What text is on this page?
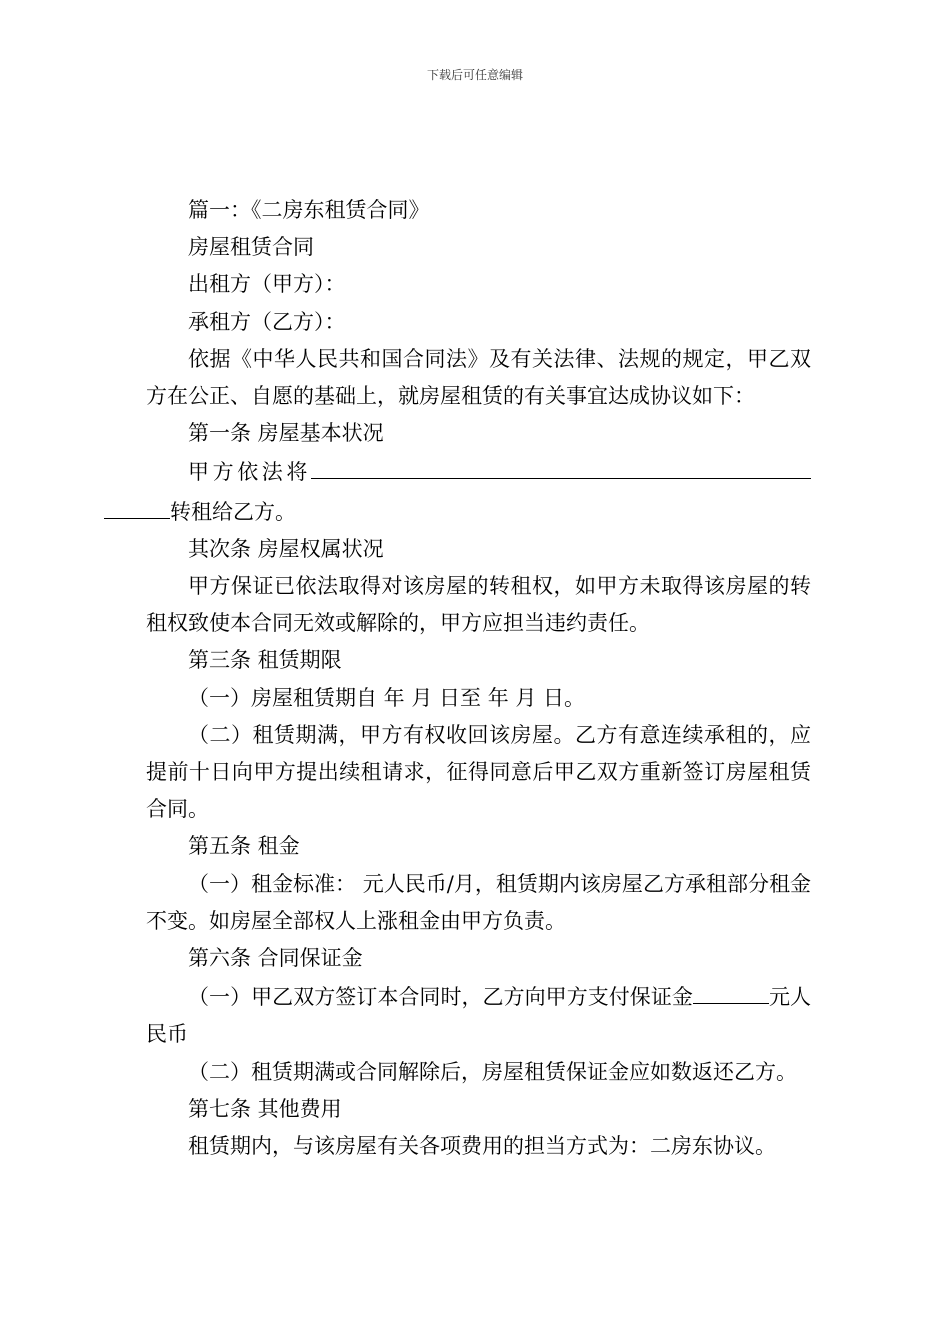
下载后可任意编辑

篇一：《二房东租赁合同》

房屋租赁合同

出租方（甲方）：

承租方（乙方）：

依据《中华人民共和国合同法》及有关法律、法规的规定，甲乙双方在公正、自愿的基础上，就房屋租赁的有关事宜达成协议如下：

第一条 房屋基本状况

甲方依法将转租给乙方。

其次条 房屋权属状况

甲方保证已依法取得对该房屋的转租权，如甲方未取得该房屋的转租权致使本合同无效或解除的，甲方应担当违约责任。

第三条 租赁期限

（一）房屋租赁期自 年 月 日至 年 月 日。

（二）租赁期满，甲方有权收回该房屋。乙方有意连续承租的，应提前十日向甲方提出续租请求，征得同意后甲乙双方重新签订房屋租赁合同。

第五条 租金

（一）租金标准： 元人民币/月，租赁期内该房屋乙方承租部分租金不变。如房屋全部权人上涨租金由甲方负责。

第六条 合同保证金

（一）甲乙双方签订本合同时，乙方向甲方支付保证金	元人民币

（二）租赁期满或合同解除后，房屋租赁保证金应如数返还乙方。

第七条 其他费用

租赁期内，与该房屋有关各项费用的担当方式为：二房东协议。
